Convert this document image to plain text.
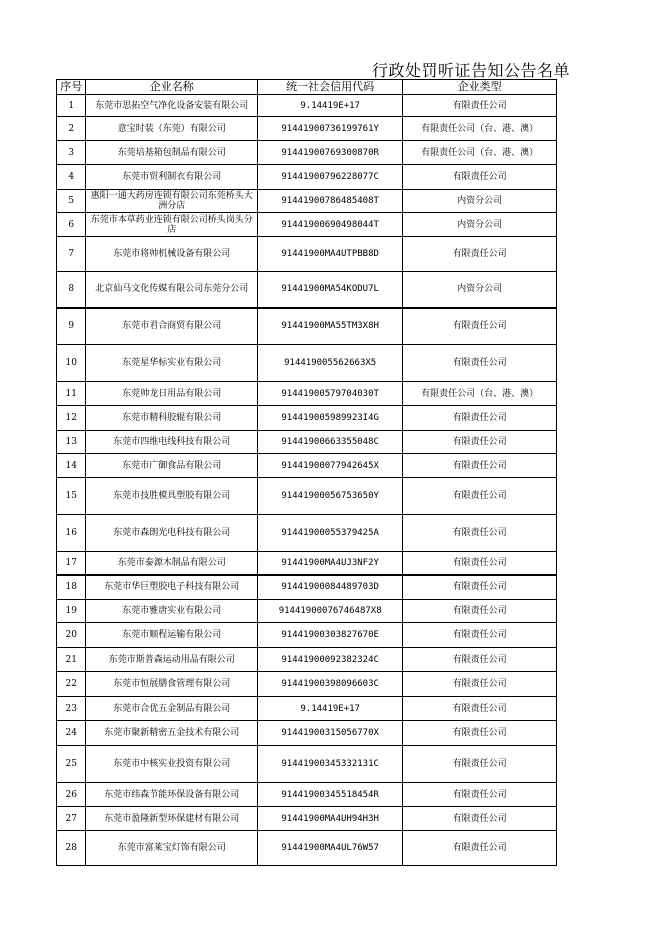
行政处罚听证告知公告名单
序号	企业名称	统一社会信用代码	企业类型
1	东莞市思拓空气净化设备安装有限公司	9.14419E+17	有限责任公司
2	意宝时装（东莞）有限公司	91441900736199761Y	有限责任公司（台、港、澳）
3	东莞培基箱包制品有限公司	91441900769300870R	有限责任公司（台、港、澳）
4	东莞市贸利制衣有限公司	91441900796228077C	有限责任公司
5	惠阳一通大药房连锁有限公司东莞桥头大洲分店	91441900786485408T	内资分公司
6	东莞市本草药业连锁有限公司桥头岗头分店	91441900690498044T	内资分公司
7	东莞市将帅机械设备有限公司	91441900MA4UTPBB8D	有限责任公司
8	北京仙马文化传媒有限公司东莞分公司	91441900MA54KODU7L	内资分公司
9	东莞市君合商贸有限公司	91441900MA55TM3X8H	有限责任公司
10	东莞星华标实业有限公司	914419005562663X5	有限责任公司
11	东莞帅龙日用品有限公司	91441900579704030T	有限责任公司（台、港、澳）
12	东莞市精科胶辊有限公司	914419005989923I4G	有限责任公司
13	东莞市四维电线科技有限公司	91441900663355048C	有限责任公司
14	东莞市广御食品有限公司	91441900077942645X	有限责任公司
15	东莞市技胜模具塑胶有限公司	91441900056753650Y	有限责任公司
16	东莞市森朗光电科技有限公司	91441900055379425A	有限责任公司
17	东莞市泰源木制品有限公司	91441900MA4UJ3NF2Y	有限责任公司
18	东莞市华巨塑胶电子科技有限公司	91441900084489703D	有限责任公司
19	东莞市雅唐实业有限公司	91441900076746487X8	有限责任公司
20	东莞市顺程运输有限公司	91441900303827670E	有限责任公司
21	东莞市斯普森运动用品有限公司	91441900092382324C	有限责任公司
22	东莞市恒展膳食管理有限公司	91441900398096603C	有限责任公司
23	东莞市合优五金制品有限公司	9.14419E+17	有限责任公司
24	东莞市聚新精密五金技术有限公司	91441900315056770X	有限责任公司
25	东莞市中核实业投资有限公司	91441900345332131C	有限责任公司
26	东莞市纬森节能环保设备有限公司	91441900345518454R	有限责任公司
27	东莞市盈隆新型环保建材有限公司	91441900MA4UH94H3H	有限责任公司
28	东莞市富莱宝灯饰有限公司	91441900MA4UL76W57	有限责任公司
